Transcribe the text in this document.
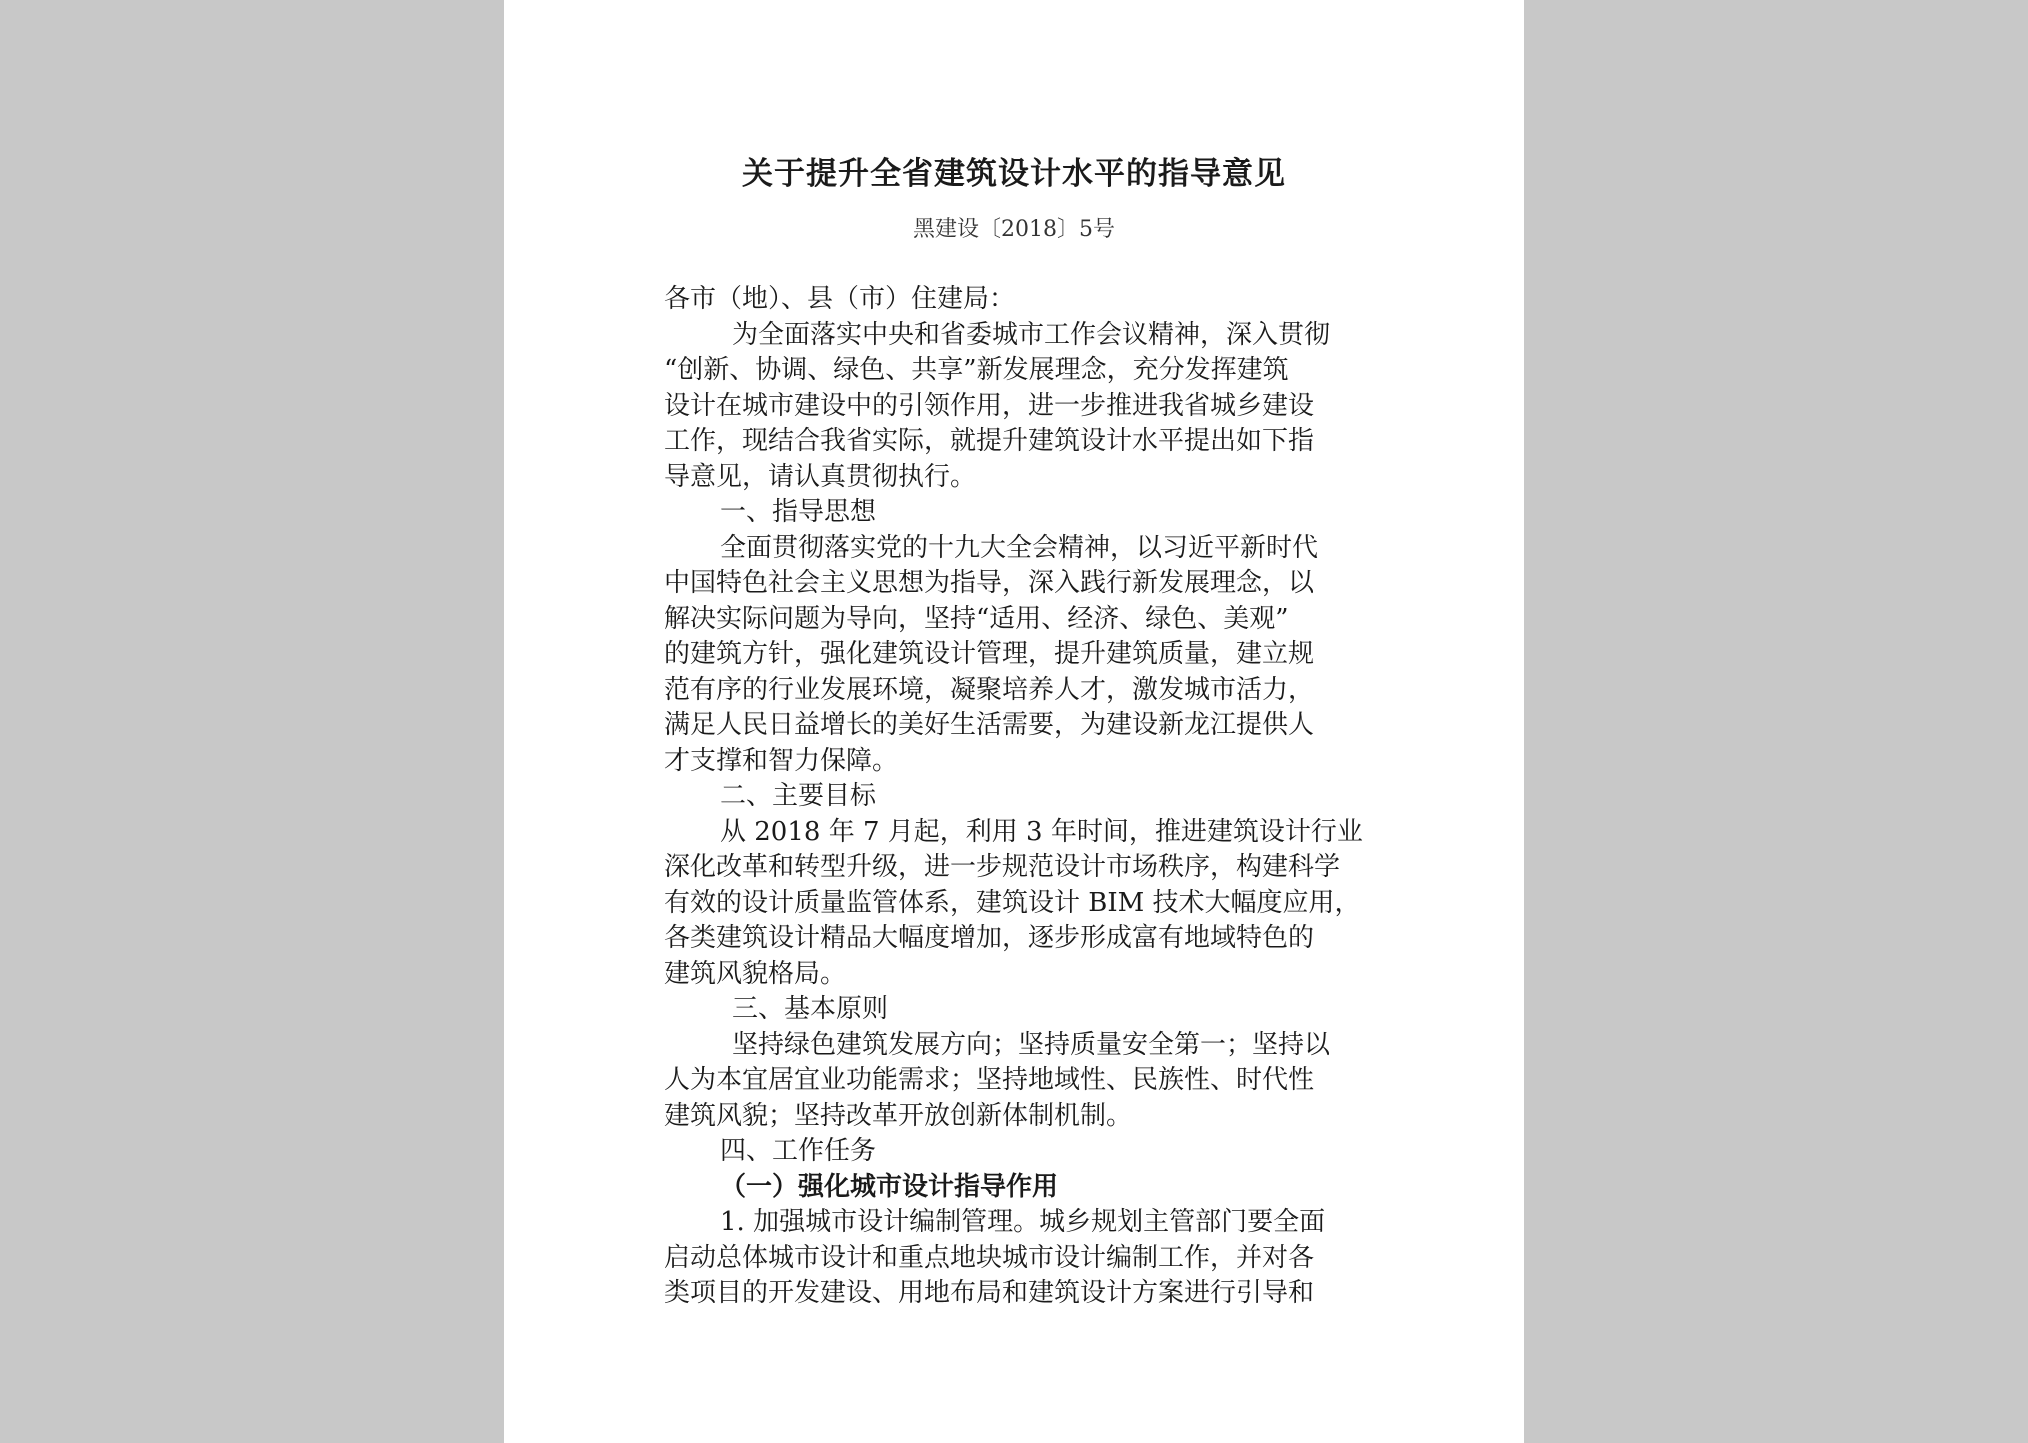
关于提升全省建筑设计水平的指导意见
黑建设〔2018〕5号
各市（地）、县（市）住建局：
为全面落实中央和省委城市工作会议精神，深入贯彻
“创新、协调、绿色、共享”新发展理念，充分发挥建筑
设计在城市建设中的引领作用，进一步推进我省城乡建设
工作，现结合我省实际，就提升建筑设计水平提出如下指
导意见，请认真贯彻执行。
一、指导思想
全面贯彻落实党的十九大全会精神，以习近平新时代
中国特色社会主义思想为指导，深入践行新发展理念，以
解决实际问题为导向，坚持“适用、经济、绿色、美观”
的建筑方针，强化建筑设计管理，提升建筑质量，建立规
范有序的行业发展环境，凝聚培养人才，激发城市活力，
满足人民日益增长的美好生活需要，为建设新龙江提供人
才支撑和智力保障。
二、主要目标
从 2018 年 7 月起，利用 3 年时间，推进建筑设计行业
深化改革和转型升级，进一步规范设计市场秩序，构建科学
有效的设计质量监管体系，建筑设计 BIM 技术大幅度应用，
各类建筑设计精品大幅度增加，逐步形成富有地域特色的
建筑风貌格局。
三、基本原则
坚持绿色建筑发展方向；坚持质量安全第一；坚持以
人为本宜居宜业功能需求；坚持地域性、民族性、时代性
建筑风貌；坚持改革开放创新体制机制。
四、工作任务
（一）强化城市设计指导作用
1. 加强城市设计编制管理。城乡规划主管部门要全面
启动总体城市设计和重点地块城市设计编制工作，并对各
类项目的开发建设、用地布局和建筑设计方案进行引导和
